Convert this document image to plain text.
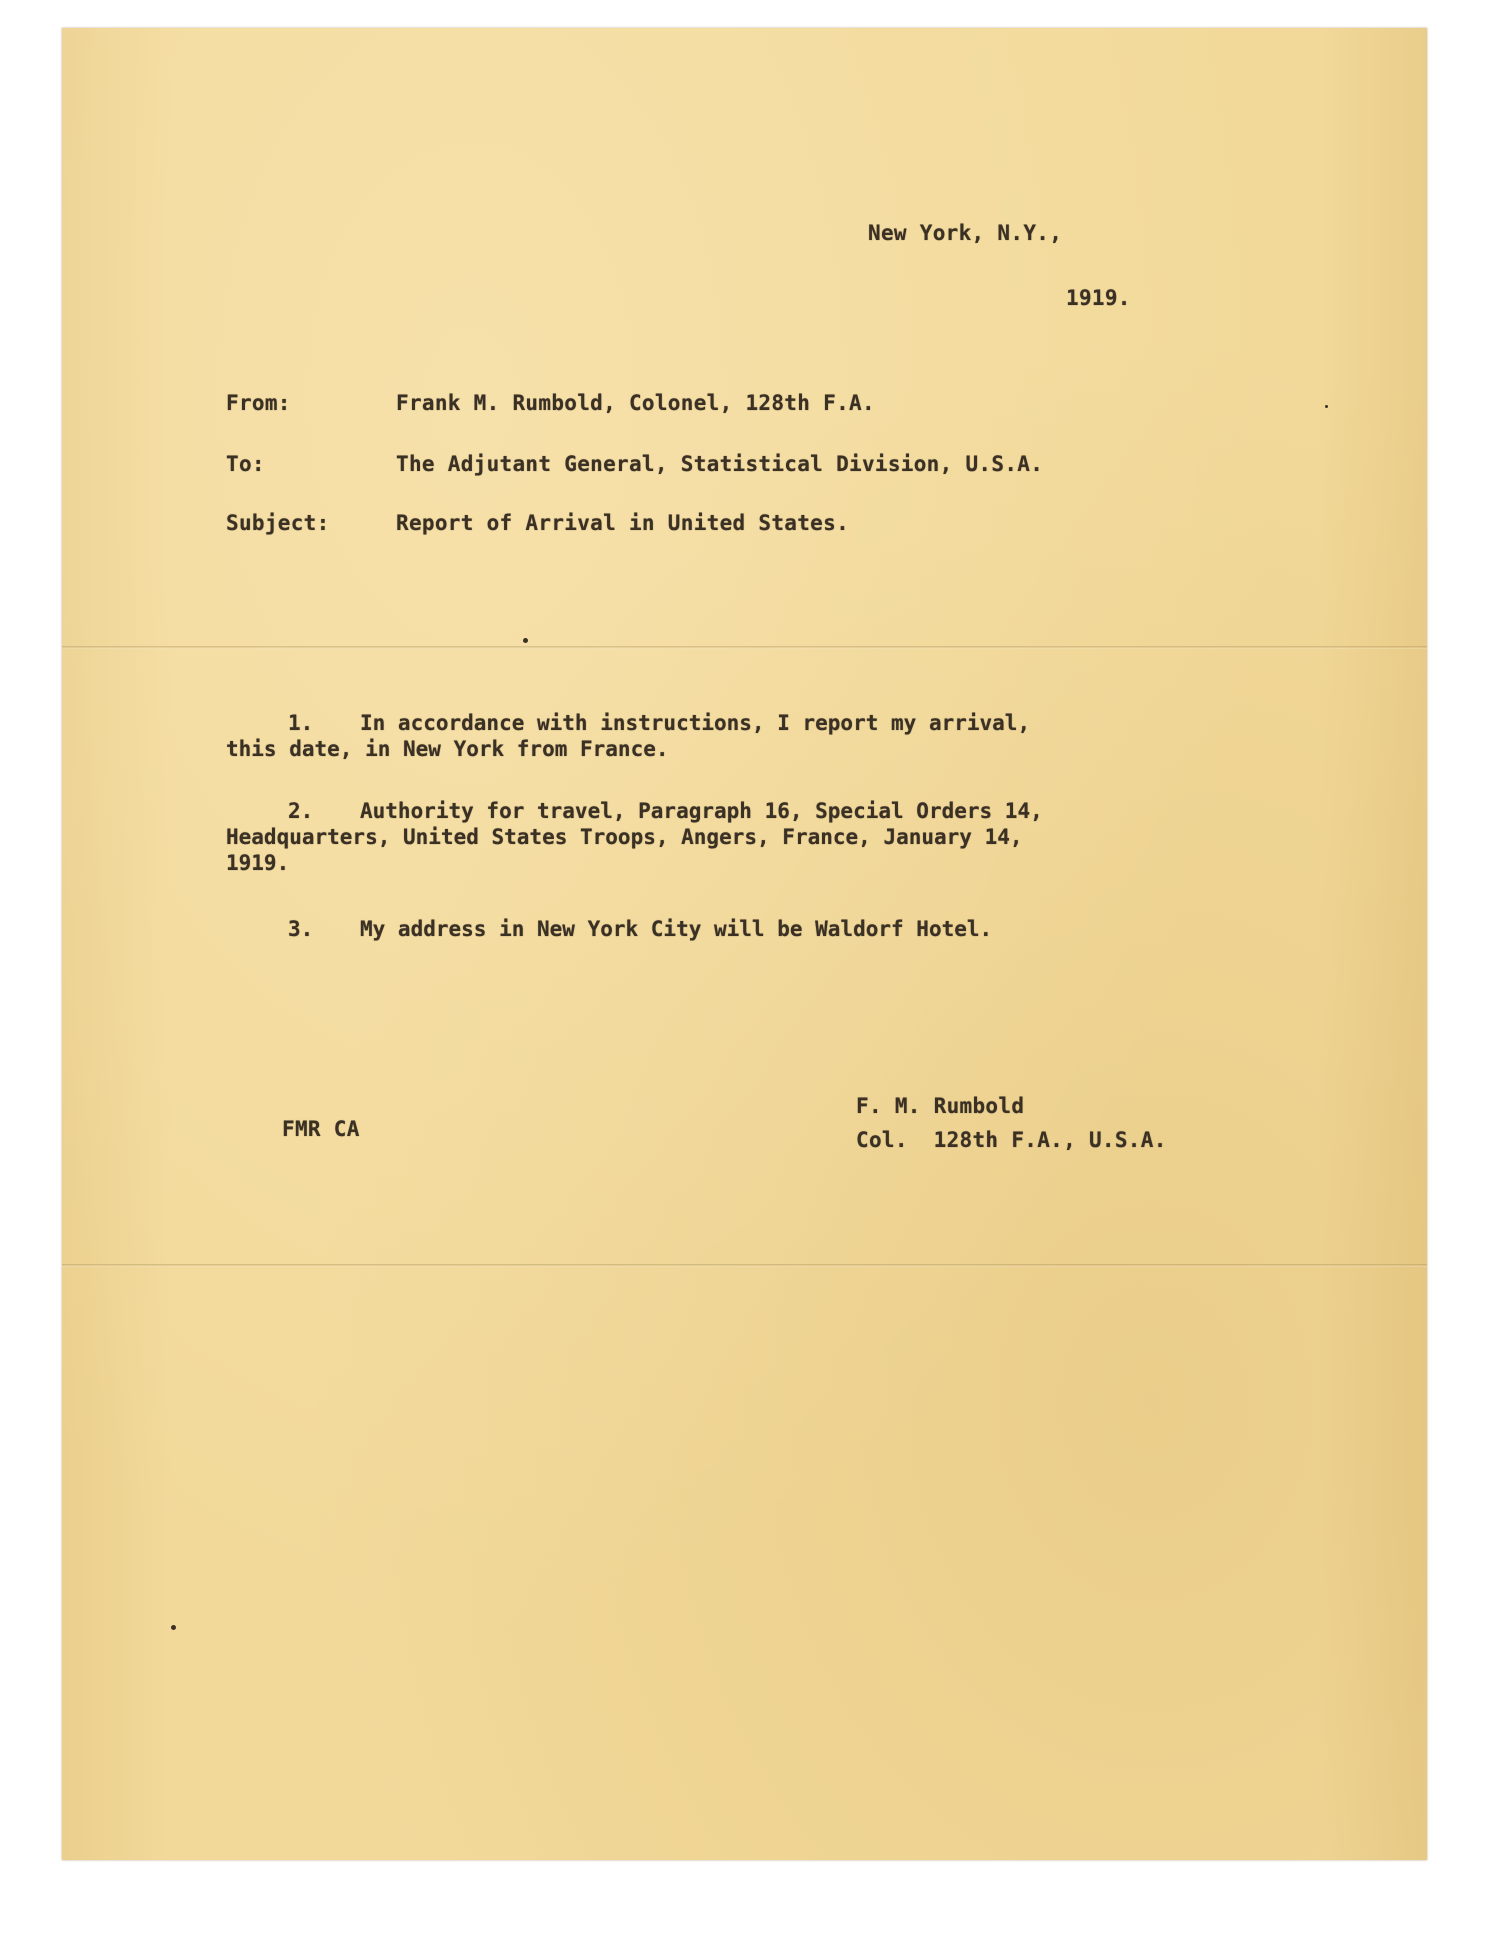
New York, N.Y.,
1919.
From:	Frank M. Rumbold, Colonel, 128th F.A.
To:	The Adjutant General, Statistical Division, U.S.A.
Subject:	Report of Arrival in United States.
1. In accordance with instructions, I report my arrival, this date, in New York from France.
2. Authority for travel, Paragraph 16, Special Orders 14, Headquarters, United States Troops, Angers, France, January 14, 1919.
3. My address in New York City will be Waldorf Hotel.
FMR CA
F. M. Rumbold
Col.  128th F.A., U.S.A.
